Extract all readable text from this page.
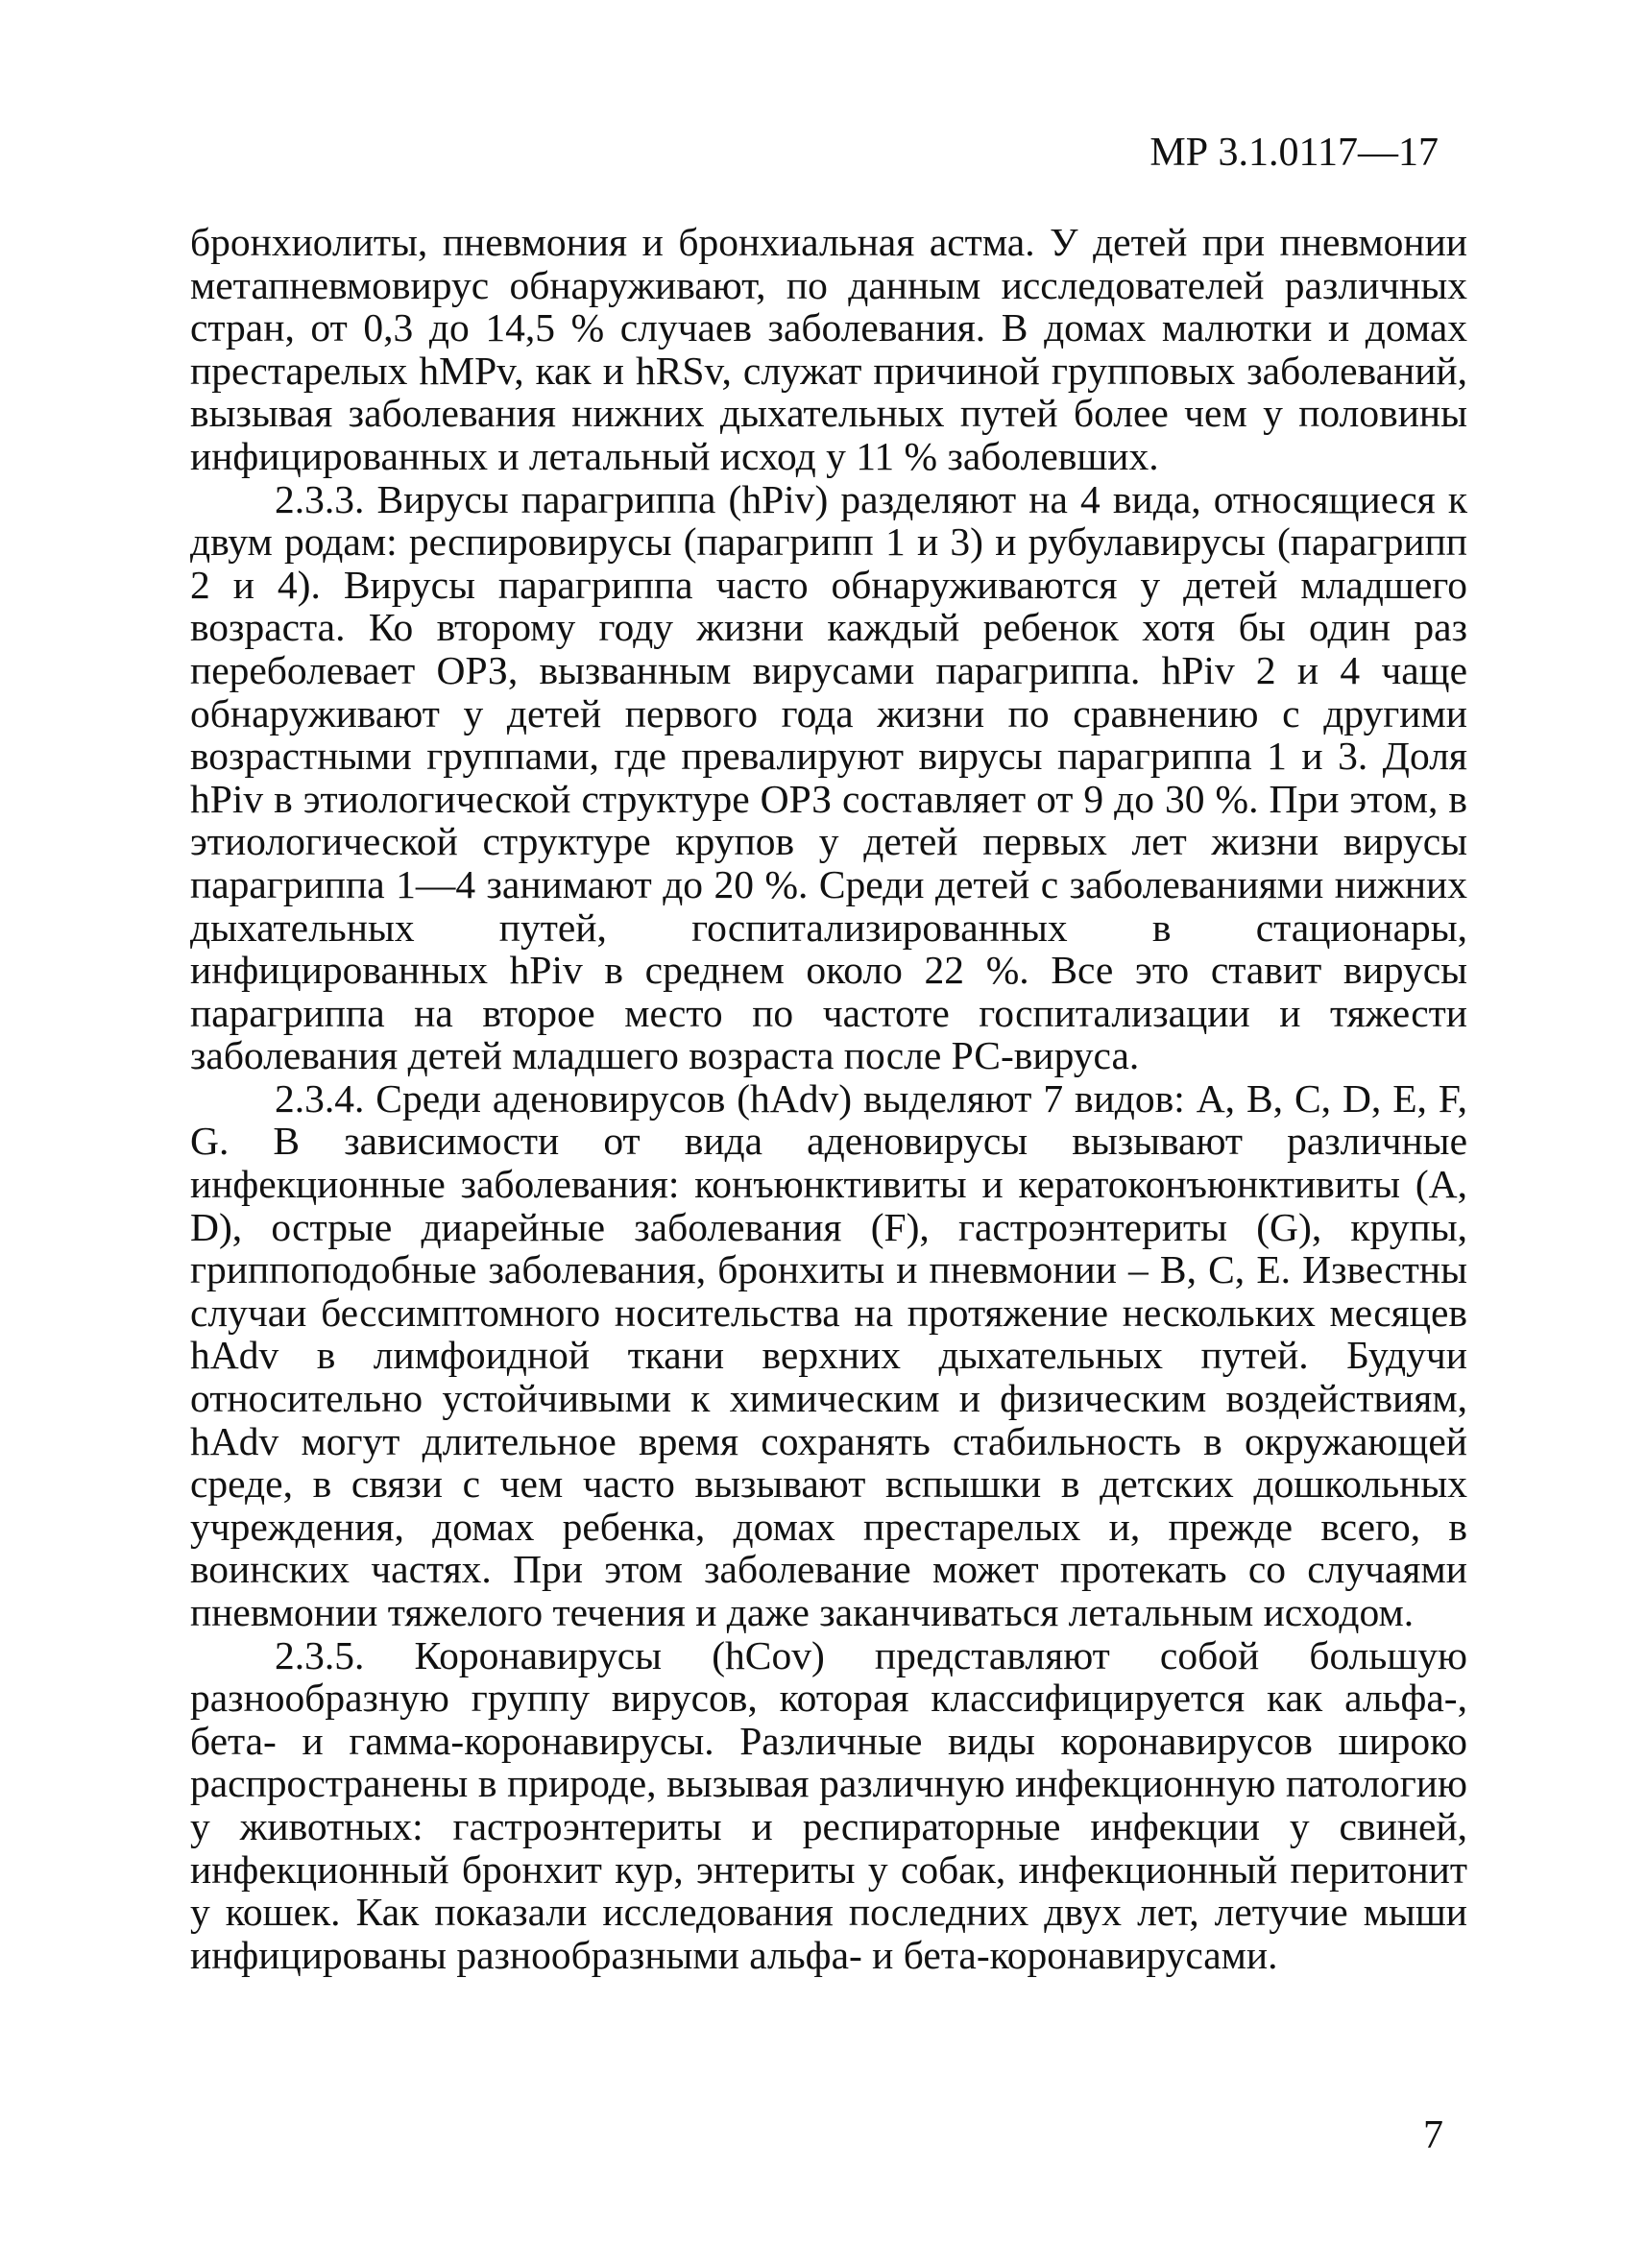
МР 3.1.0117—17

бронхиолиты, пневмония и бронхиальная астма. У детей при пневмонии метапневмовирус обнаруживают, по данным исследователей различных стран, от 0,3 до 14,5 % случаев заболевания. В домах малютки и домах престарелых hMPv, как и hRSv, служат причиной групповых заболеваний, вызывая заболевания нижних дыхательных путей более чем у половины инфицированных и летальный исход у 11 % заболевших.

2.3.3. Вирусы парагриппа (hPiv) разделяют на 4 вида, относящиеся к двум родам: респировирусы (парагрипп 1 и 3) и рубулавирусы (парагрипп 2 и 4). Вирусы парагриппа часто обнаруживаются у детей младшего возраста. Ко второму году жизни каждый ребенок хотя бы один раз переболевает ОРЗ, вызванным вирусами парагриппа. hPiv 2 и 4 чаще обнаруживают у детей первого года жизни по сравнению с другими возрастными группами, где превалируют вирусы парагриппа 1 и 3. Доля hPiv в этиологической структуре ОРЗ составляет от 9 до 30 %. При этом, в этиологической структуре крупов у детей первых лет жизни вирусы парагриппа 1—4 занимают до 20 %. Среди детей с заболеваниями нижних дыхательных путей, госпитализированных в стационары, инфицированных hPiv в среднем около 22 %. Все это ставит вирусы парагриппа на второе место по частоте госпитализации и тяжести заболевания детей младшего возраста после РС-вируса.

2.3.4. Среди аденовирусов (hAdv) выделяют 7 видов: A, B, C, D, E, F, G. В зависимости от вида аденовирусы вызывают различные инфекционные заболевания: конъюнктивиты и кератоконъюнктивиты (A, D), острые диарейные заболевания (F), гастроэнтериты (G), крупы, гриппоподобные заболевания, бронхиты и пневмонии – B, C, E. Известны случаи бессимптомного носительства на протяжение нескольких месяцев hAdv в лимфоидной ткани верхних дыхательных путей. Будучи относительно устойчивыми к химическим и физическим воздействиям, hAdv могут длительное время сохранять стабильность в окружающей среде, в связи с чем часто вызывают вспышки в детских дошкольных учреждения, домах ребенка, домах престарелых и, прежде всего, в воинских частях. При этом заболевание может протекать со случаями пневмонии тяжелого течения и даже заканчиваться летальным исходом.

2.3.5. Коронавирусы (hCov) представляют собой большую разнообразную группу вирусов, которая классифицируется как альфа-, бета- и гамма-коронавирусы. Различные виды коронавирусов широко распространены в природе, вызывая различную инфекционную патологию у животных: гастроэнтериты и респираторные инфекции у свиней, инфекционный бронхит кур, энтериты у собак, инфекционный перитонит у кошек. Как показали исследования последних двух лет, летучие мыши инфицированы разнообразными альфа- и бета-коронавирусами.

7
